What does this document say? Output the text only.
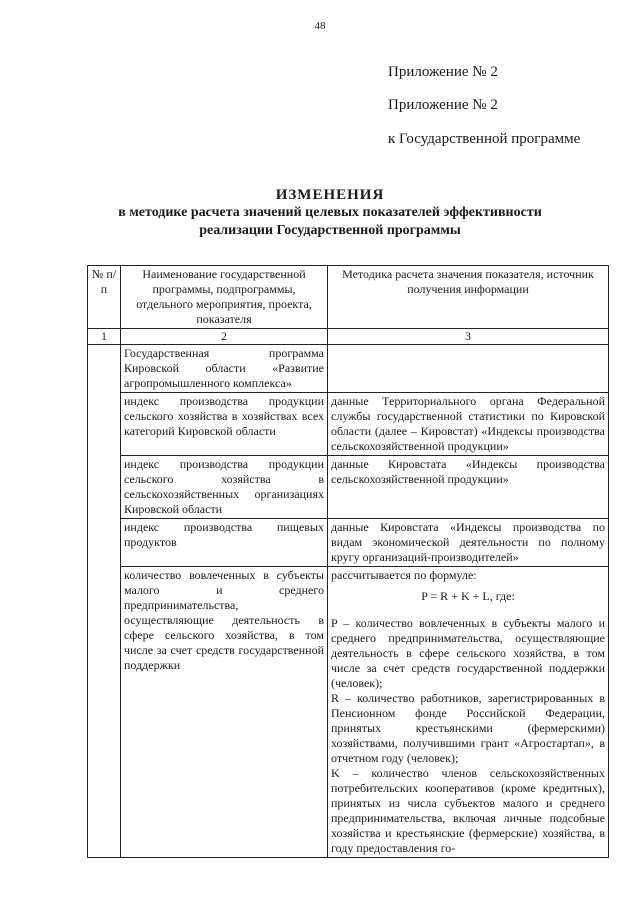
48
Приложение № 2
Приложение № 2
к Государственной программе
ИЗМЕНЕНИЯ
в методике расчета значений целевых показателей эффективности
реализации Государственной программы
№ п/п	Наименование государственной программы, подпрограммы, отдельного мероприятия, проекта, показателя	Методика расчета значения показателя, источник получения информации
1	2	3
	Государственная программа Кировской области «Развитие агропромышленного комплекса»	
	индекс производства продукции сельского хозяйства в хозяйствах всех категорий Кировской области	данные Территориального органа Федеральной службы государственной статистики по Кировской области (далее – Кировстат) «Индексы производства сельскохозяйственной продукции»
	индекс производства продукции сельского хозяйства в сельскохозяйственных организациях Кировской области	данные Кировстата «Индексы производства сельскохозяйственной продукции»
	индекс производства пищевых продуктов	данные Кировстата «Индексы производства по видам экономической деятельности по полному кругу организаций-производителей»
	количество вовлеченных в субъекты малого и среднего предпринимательства, осуществляющие деятельность в сфере сельского хозяйства, в том числе за счет средств государственной поддержки	рассчитывается по формуле:
P = R + K + L, где:
P – количество вовлеченных в субъекты малого и среднего предпринимательства, осуществляющие деятельность в сфере сельского хозяйства, в том числе за счет средств государственной поддержки (человек);
R – количество работников, зарегистрированных в Пенсионном фонде Российской Федерации, принятых крестьянскими (фермерскими) хозяйствами, получившими грант «Агростартап», в отчетном году (человек);
K – количество членов сельскохозяйственных потребительских кооперативов (кроме кредитных), принятых из числа субъектов малого и среднего предпринимательства, включая личные подсобные хозяйства и крестьянские (фермерские) хозяйства, в году предоставления го-
